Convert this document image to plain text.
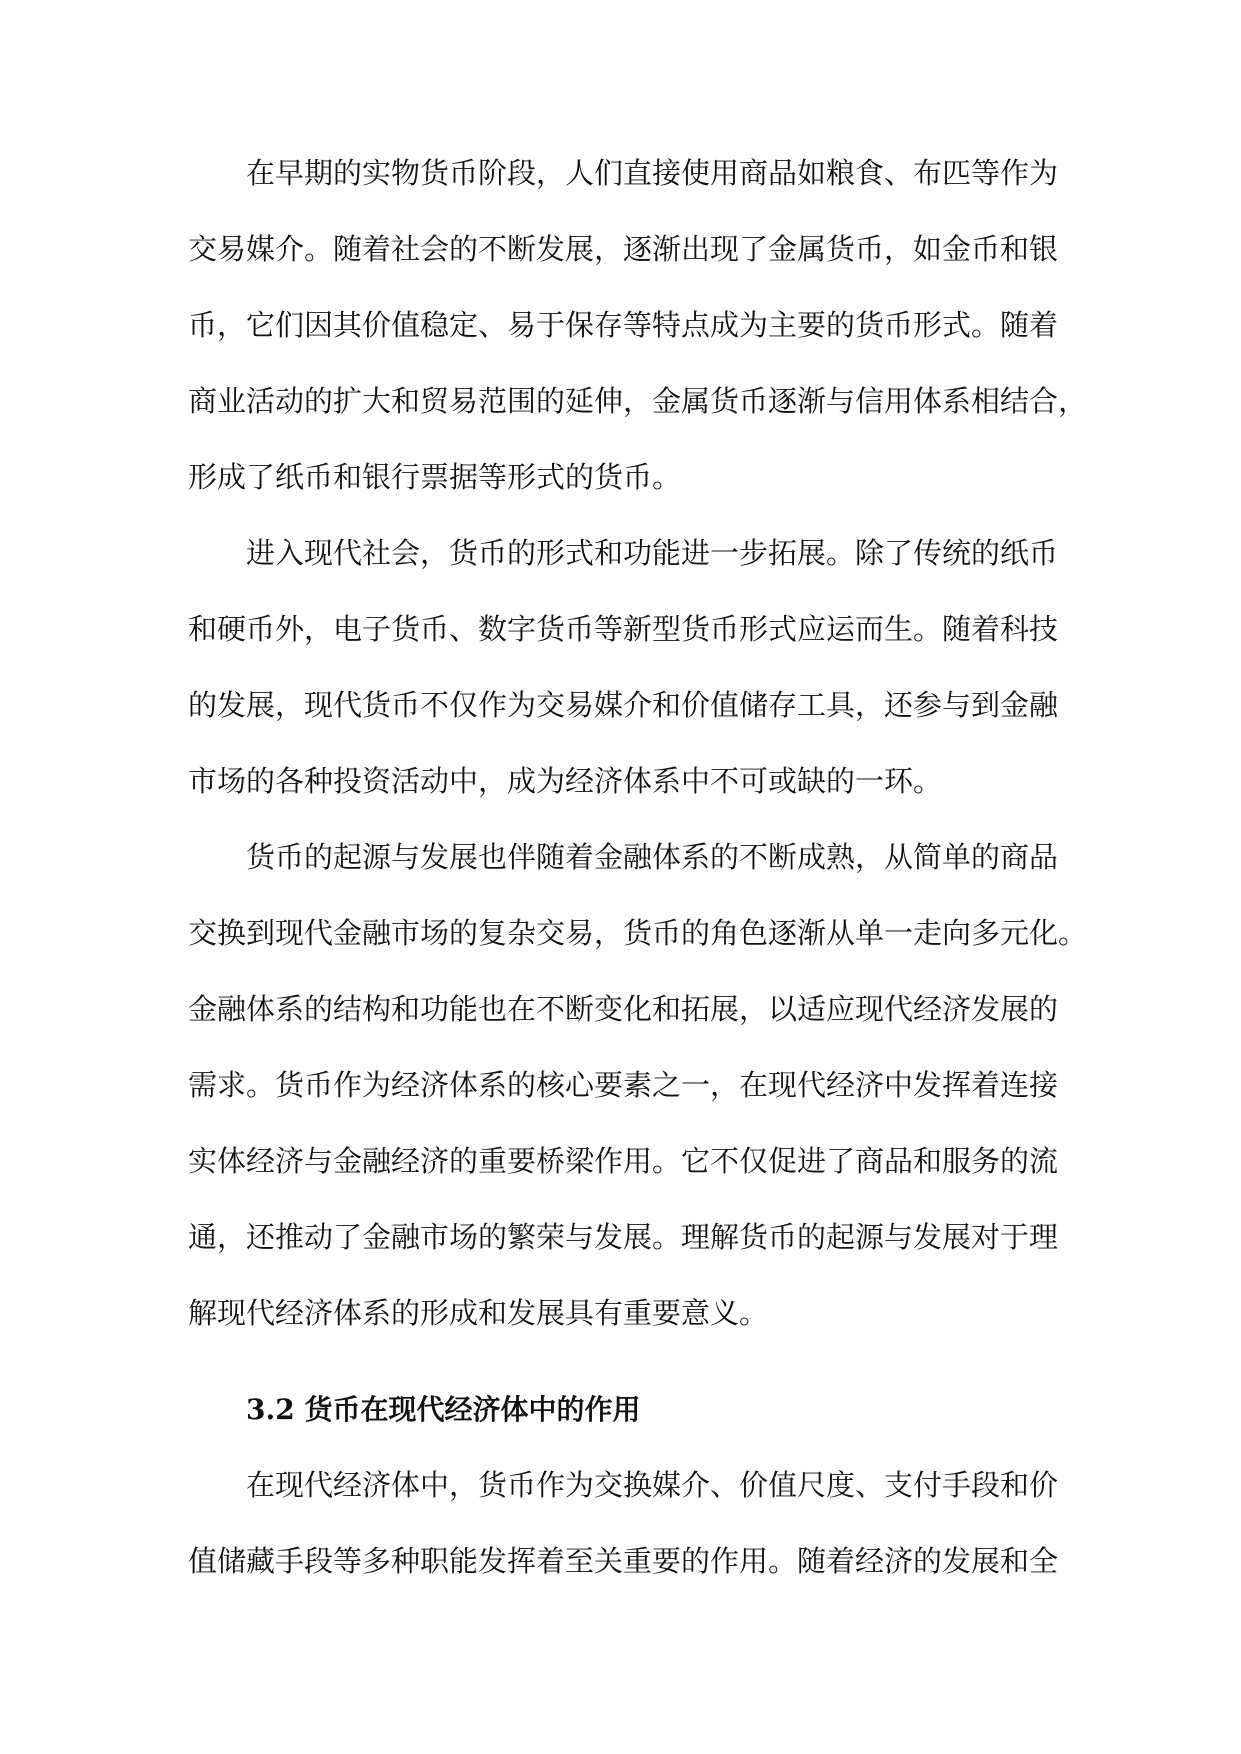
在早期的实物货币阶段，人们直接使用商品如粮食、布匹等作为
交易媒介。随着社会的不断发展，逐渐出现了金属货币，如金币和银
币，它们因其价值稳定、易于保存等特点成为主要的货币形式。随着
商业活动的扩大和贸易范围的延伸，金属货币逐渐与信用体系相结合，
形成了纸币和银行票据等形式的货币。
进入现代社会，货币的形式和功能进一步拓展。除了传统的纸币
和硬币外，电子货币、数字货币等新型货币形式应运而生。随着科技
的发展，现代货币不仅作为交易媒介和价值储存工具，还参与到金融
市场的各种投资活动中，成为经济体系中不可或缺的一环。
货币的起源与发展也伴随着金融体系的不断成熟，从简单的商品
交换到现代金融市场的复杂交易，货币的角色逐渐从单一走向多元化。
金融体系的结构和功能也在不断变化和拓展，以适应现代经济发展的
需求。货币作为经济体系的核心要素之一，在现代经济中发挥着连接
实体经济与金融经济的重要桥梁作用。它不仅促进了商品和服务的流
通，还推动了金融市场的繁荣与发展。理解货币的起源与发展对于理
解现代经济体系的形成和发展具有重要意义。
3.2 货币在现代经济体中的作用
在现代经济体中，货币作为交换媒介、价值尺度、支付手段和价
值储藏手段等多种职能发挥着至关重要的作用。随着经济的发展和全
